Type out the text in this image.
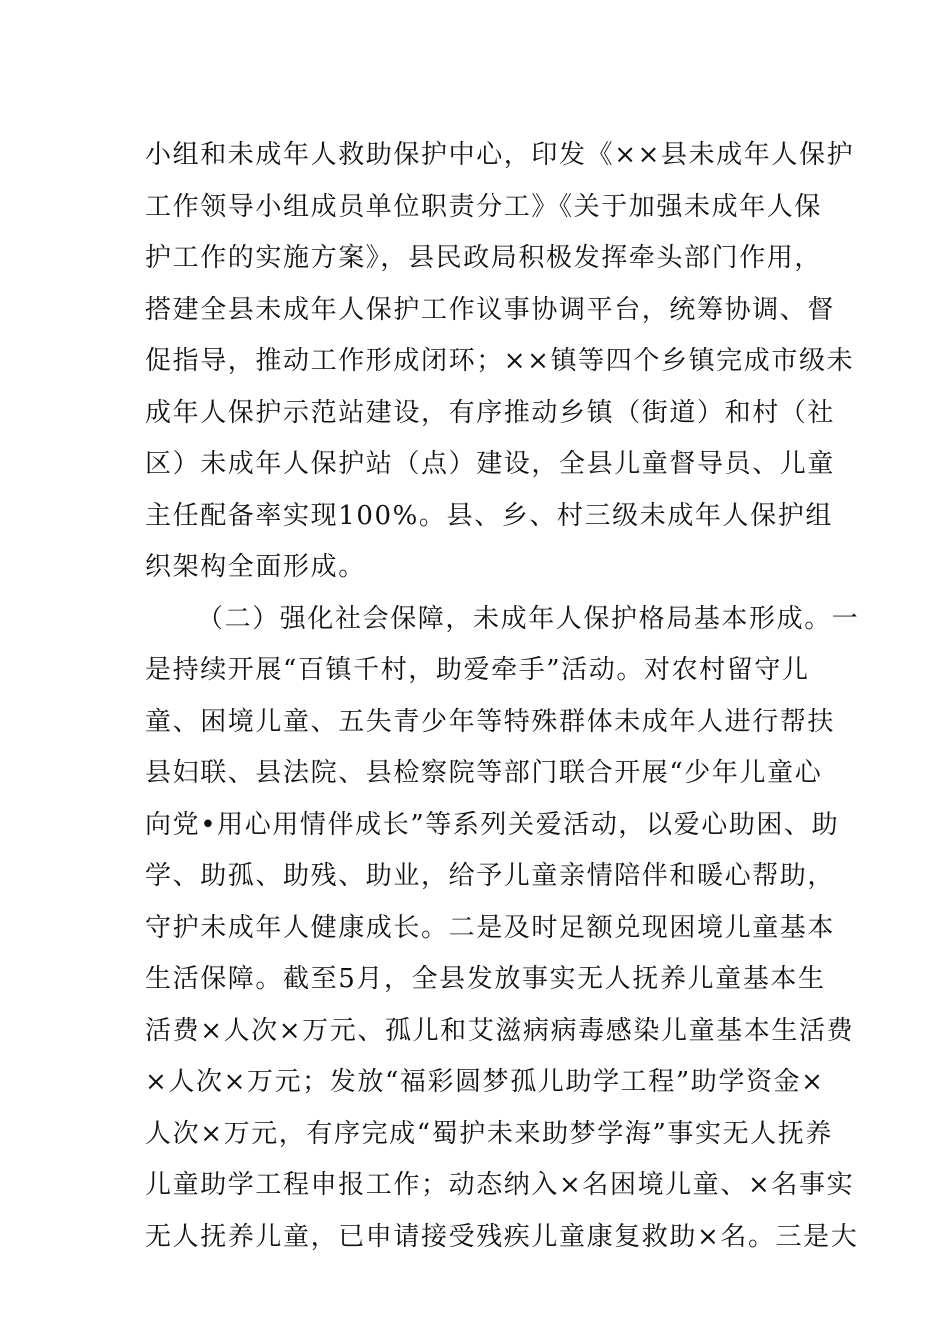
小组和未成年人救助保护中心，印发《××县未成年人保护
工作领导小组成员单位职责分工》《关于加强未成年人保
护工作的实施方案》，县民政局积极发挥牵头部门作用，
搭建全县未成年人保护工作议事协调平台，统筹协调、督
促指导，推动工作形成闭环；××镇等四个乡镇完成市级未
成年人保护示范站建设，有序推动乡镇（街道）和村（社
区）未成年人保护站（点）建设，全县儿童督导员、儿童
主任配备率实现100%。县、乡、村三级未成年人保护组
织架构全面形成。
（二）强化社会保障，未成年人保护格局基本形成。一
是持续开展“百镇千村，助爱牵手”活动。对农村留守儿
童、困境儿童、五失青少年等特殊群体未成年人进行帮扶
县妇联、县法院、县检察院等部门联合开展“少年儿童心
向党•用心用情伴成长”等系列关爱活动，以爱心助困、助
学、助孤、助残、助业，给予儿童亲情陪伴和暖心帮助，
守护未成年人健康成长。二是及时足额兑现困境儿童基本
生活保障。截至5月，全县发放事实无人抚养儿童基本生
活费×人次×万元、孤儿和艾滋病病毒感染儿童基本生活费
×人次×万元；发放“福彩圆梦孤儿助学工程”助学资金×
人次×万元，有序完成“蜀护未来助梦学海”事实无人抚养
儿童助学工程申报工作；动态纳入×名困境儿童、×名事实
无人抚养儿童，已申请接受残疾儿童康复救助×名。三是大
